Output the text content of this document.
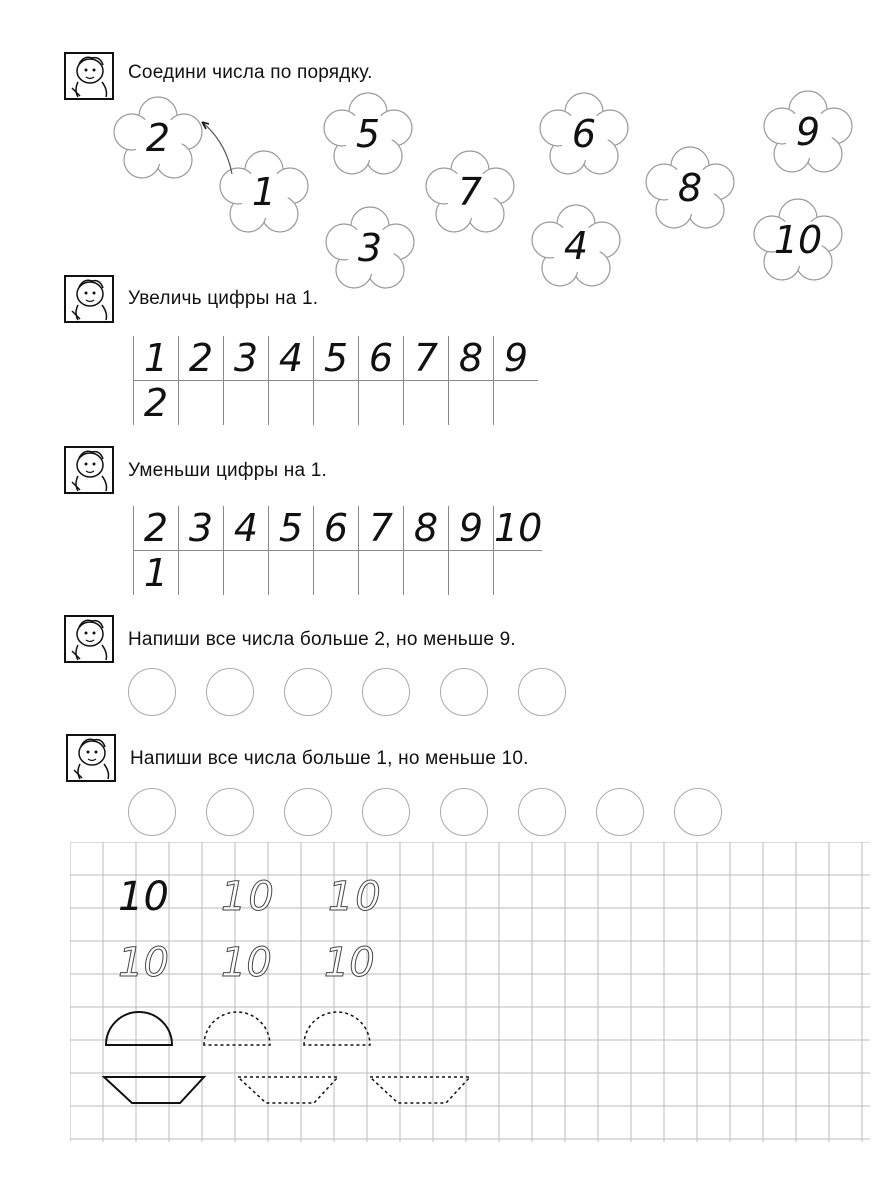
Соедини числа по порядку.
2	5	6	9
1	7	8
3	4	10
Увеличь цифры на 1.
1	2	3	4	5	6	7	8	9
2								
Уменьши цифры на 1.
2	3	4	5	6	7	8	9	10
1								
Напиши все числа больше 2, но меньше 9.
Напиши все числа больше 1, но меньше 10.
10 10 10
10 10 10
